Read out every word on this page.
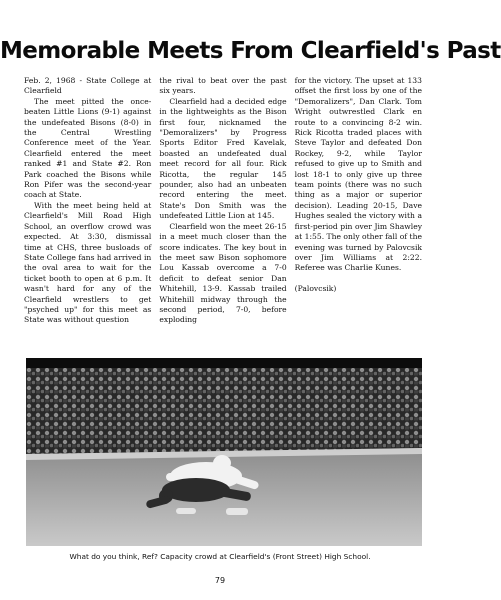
Memorable Meets From Clearfield's Past

Feb. 2, 1968 - State College at Clearfield

The meet pitted the once-beaten Little Lions (9-1) against the undefeated Bisons (8-0) in the Central Wrestling Conference meet of the Year. Clearfield entered the meet ranked #1 and State #2. Ron Park coached the Bisons while Ron Pifer was the second-year coach at State.

With the meet being held at Clearfield's Mill Road High School, an overflow crowd was expected. At 3:30, dismissal time at CHS, three busloads of State College fans had arrived in the oval area to wait for the ticket booth to open at 6 p.m. It wasn't hard for any of the Clearfield wrestlers to get "psyched up" for this meet as State was without question

the rival to beat over the past six years.

Clearfield had a decided edge in the lightweights as the Bison first four, nicknamed the "Demoralizers" by Progress Sports Editor Fred Kavelak, boasted an undefeated dual meet record for all four. Rick Ricotta, the regular 145 pounder, also had an unbeaten record entering the meet. State's Don Smith was the undefeated Little Lion at 145.

Clearfield won the meet 26-15 in a meet much closer than the score indicates. The key bout in the meet saw Bison sophomore Lou Kassab overcome a 7-0 deficit to defeat senior Dan Whitehill, 13-9. Kassab trailed Whitehill midway through the second period, 7-0, before exploding

for the victory. The upset at 133 offset the first loss by one of the "Demoralizers", Dan Clark. Tom Wright outwrestled Clark en route to a convincing 8-2 win. Rick Ricotta traded places with Steve Taylor and defeated Don Rockey, 9-2, while Taylor refused to give up to Smith and lost 18-1 to only give up three team points (there was no such thing as a major or superior decision). Leading 20-15, Dave Hughes sealed the victory with a first-period pin over Jim Shawley at 1:55. The only other fall of the evening was turned by Palovcsik over Jim Williams at 2:22. Referee was Charlie Kunes.

(Palovcsik)

What do you think, Ref? Capacity crowd at Clearfield's (Front Street) High School.
79
